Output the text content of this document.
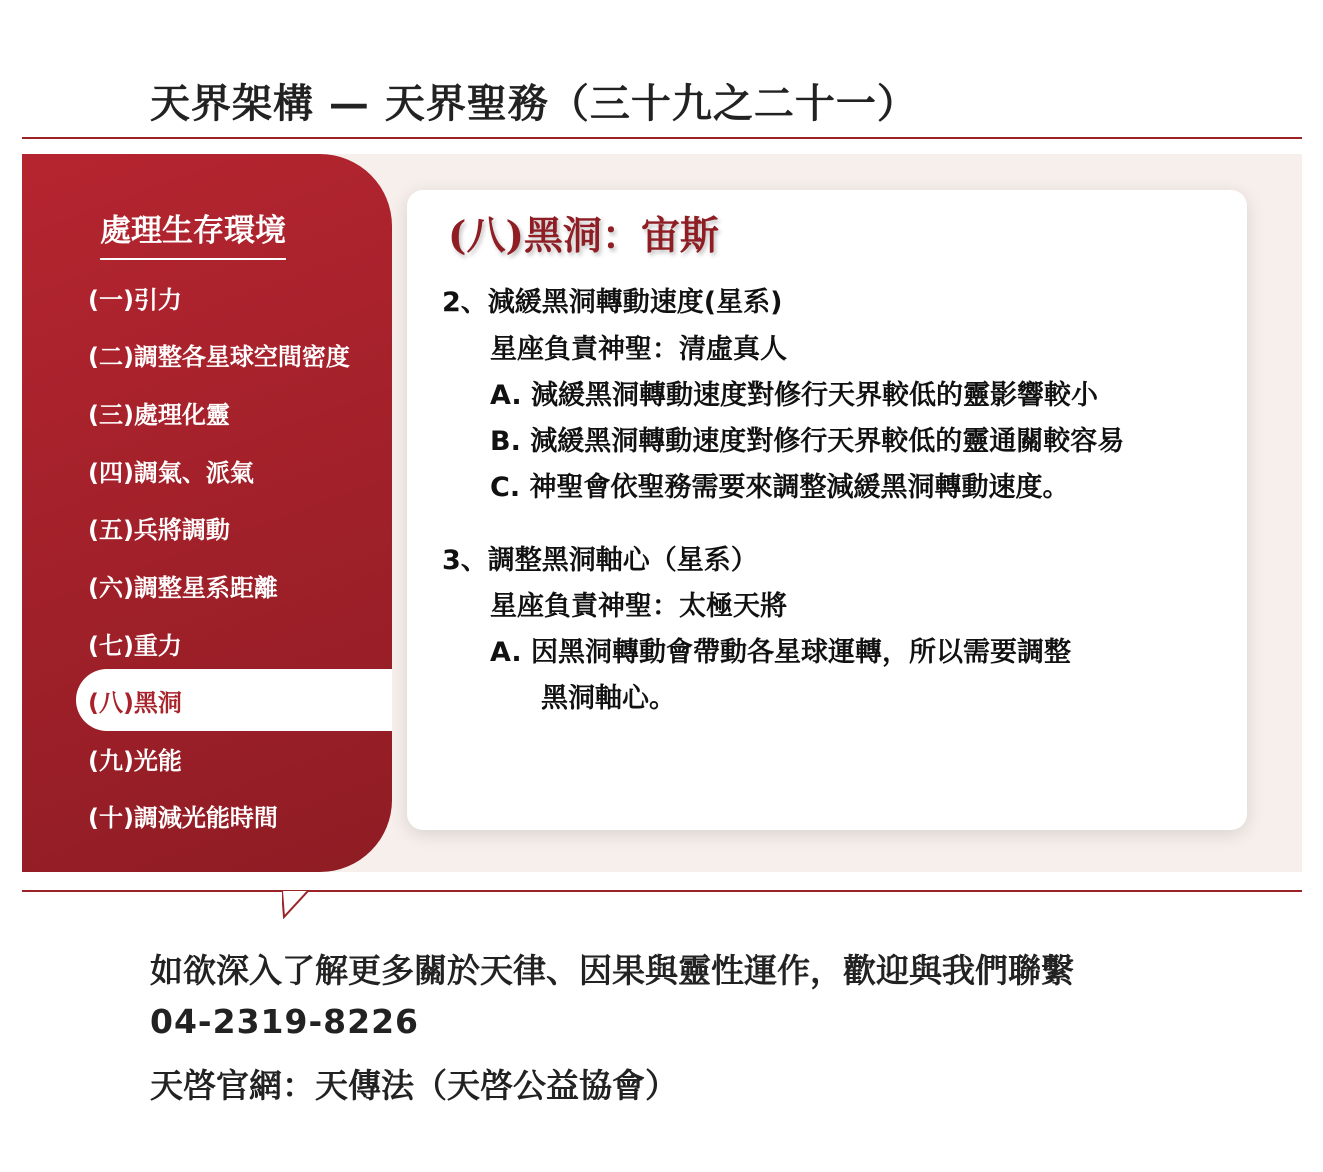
天界架構 — 天界聖務（三十九之二十一）
處理生存環境
(一)引力
(二)調整各星球空間密度
(三)處理化靈
(四)調氣、派氣
(五)兵將調動
(六)調整星系距離
(七)重力
(八)黑洞
(九)光能
(十)調減光能時間
(八)黑洞：宙斯
2、減緩黑洞轉動速度(星系)
星座負責神聖：清虛真人
A. 減緩黑洞轉動速度對修行天界較低的靈影響較小
B. 減緩黑洞轉動速度對修行天界較低的靈通關較容易
C. 神聖會依聖務需要來調整減緩黑洞轉動速度。
3、調整黑洞軸心（星系）
星座負責神聖：太極天將
A. 因黑洞轉動會帶動各星球運轉，所以需要調整
黑洞軸心。
如欲深入了解更多關於天律、因果與靈性運作，歡迎與我們聯繫
04-2319-8226
天啓官網：天傳法（天啓公益協會）
